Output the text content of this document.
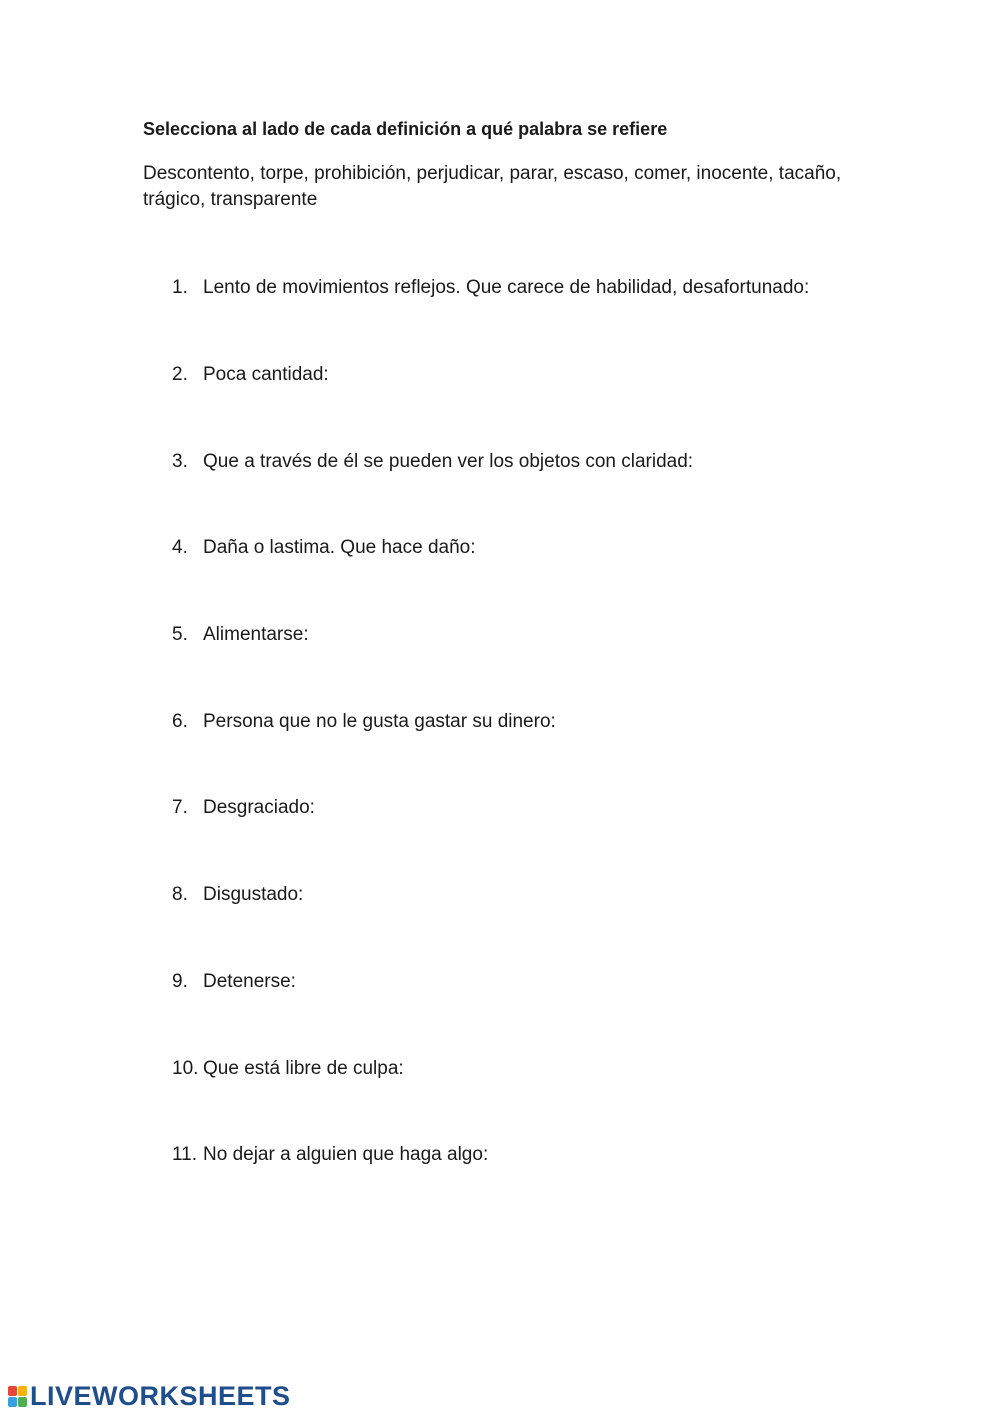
Selecciona al lado de cada definición a qué palabra se refiere

Descontento, torpe, prohibición, perjudicar, parar, escaso, comer, inocente, tacaño, trágico, transparente

1. Lento de movimientos reflejos. Que carece de habilidad, desafortunado:
2. Poca cantidad:
3. Que a través de él se pueden ver los objetos con claridad:
4. Daña o lastima. Que hace daño:
5. Alimentarse:
6. Persona que no le gusta gastar su dinero:
7. Desgraciado:
8. Disgustado:
9. Detenerse:
10. Que está libre de culpa:
11. No dejar a alguien que haga algo:
LIVEWORKSHEETS
